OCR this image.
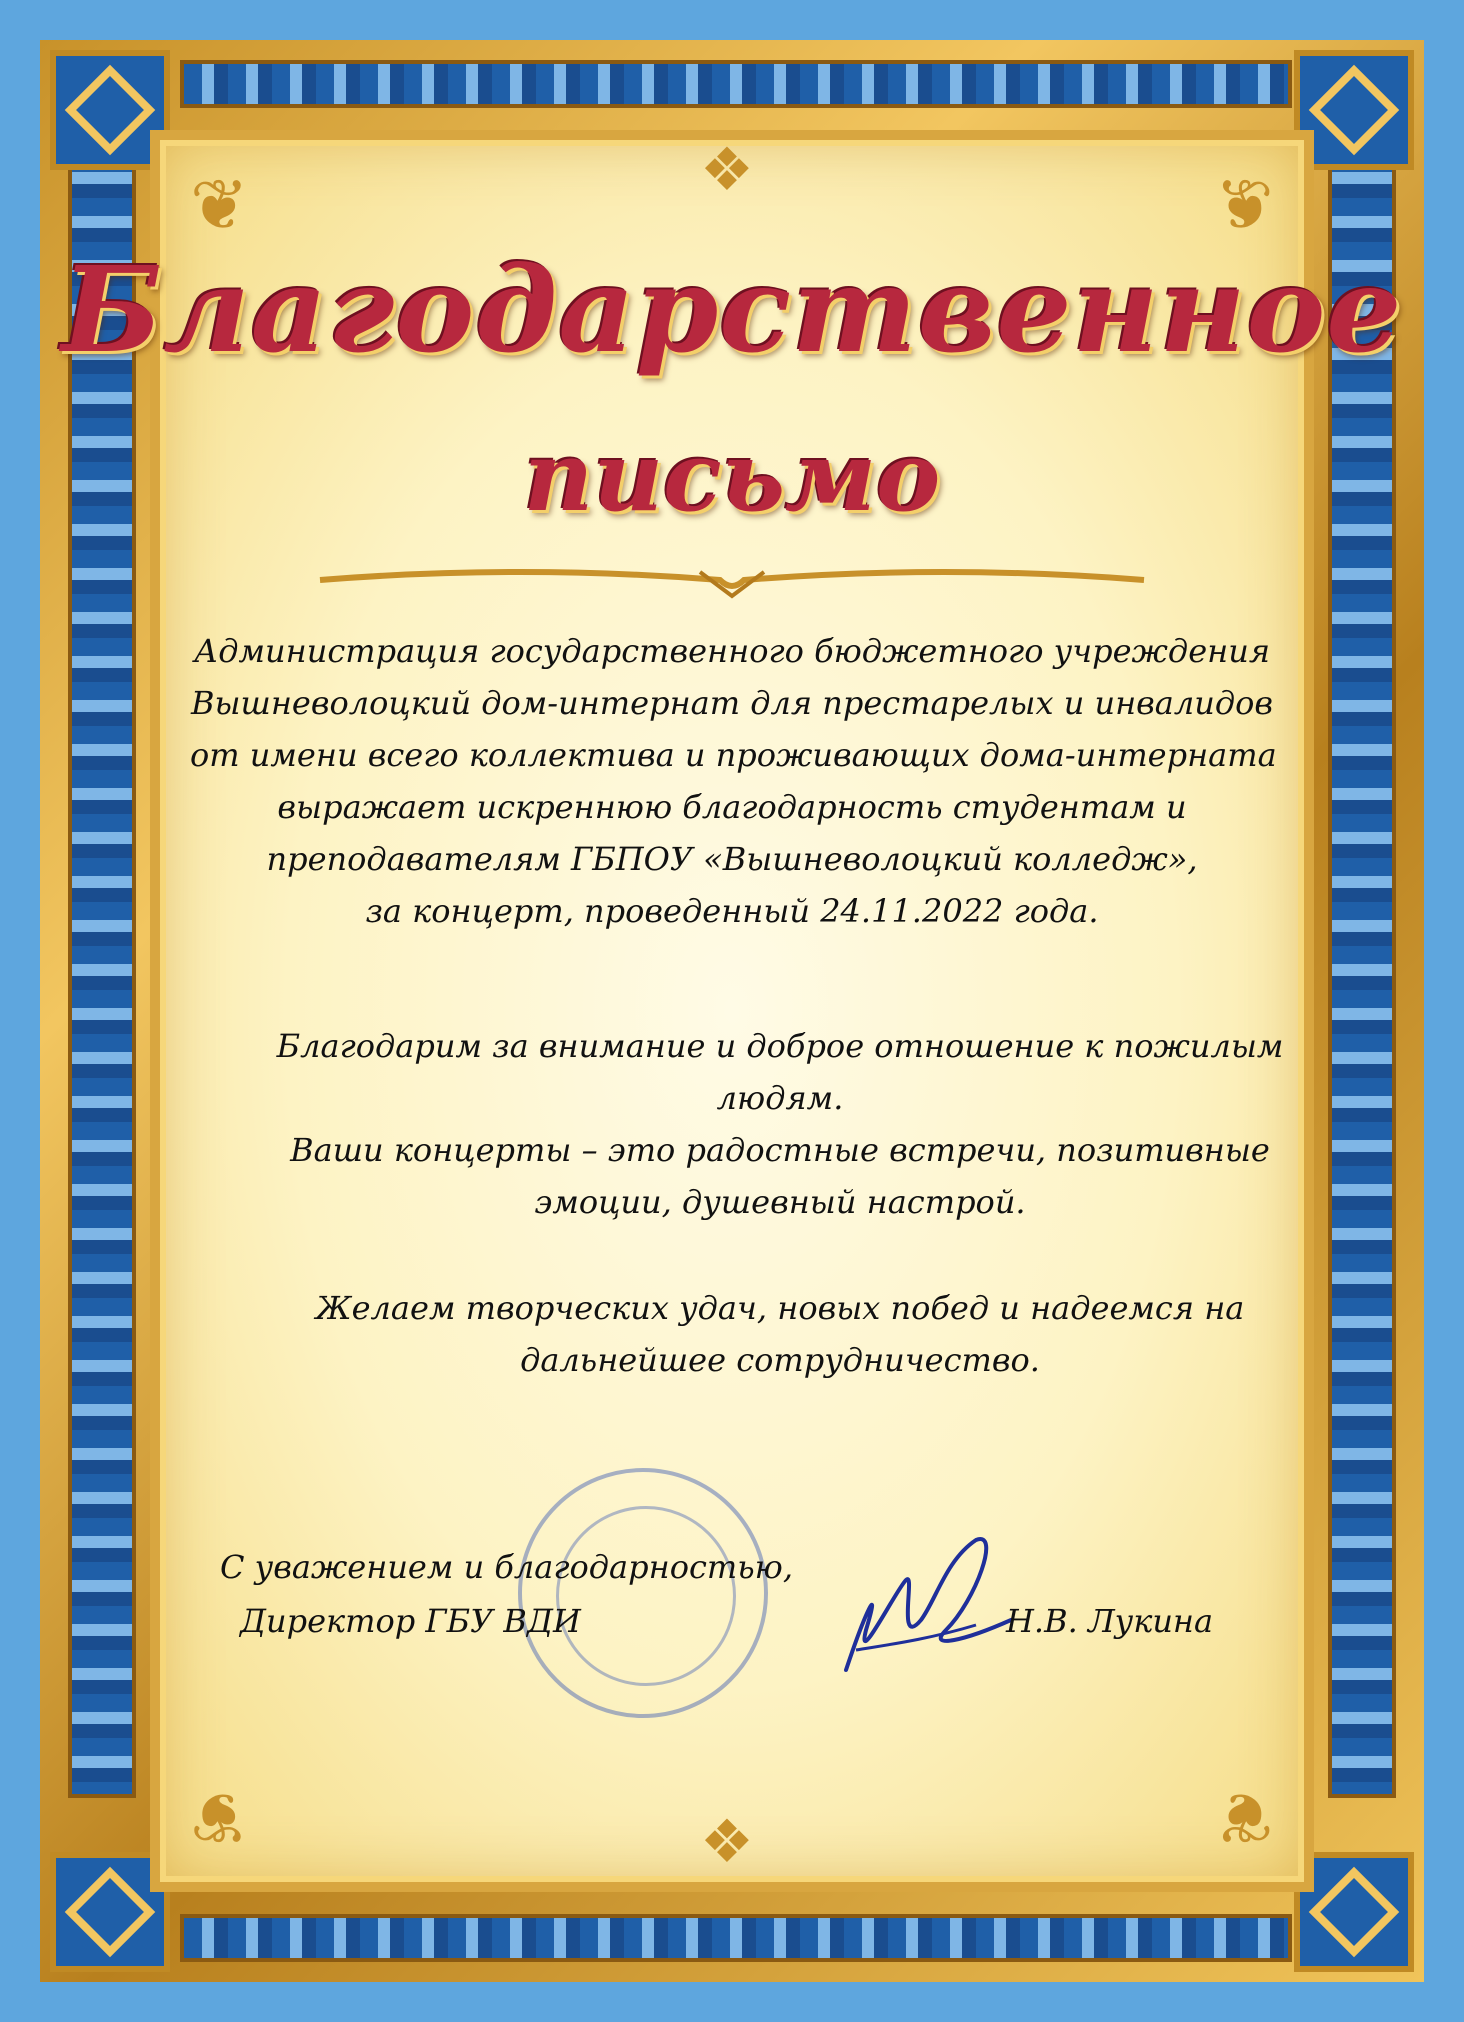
❦	❦
❦	❦
❖
❖
Благодарственное
письмо
Администрация государственного бюджетного учреждения
Вышневолоцкий дом-интернат для престарелых и инвалидов
от имени всего коллектива и проживающих дома-интерната
выражает искреннюю благодарность студентам и
преподавателям ГБПОУ «Вышневолоцкий колледж»,
за концерт, проведенный 24.11.2022 года.
Благодарим за внимание и доброе отношение к пожилым
людям.
Ваши концерты – это радостные встречи, позитивные
эмоции, душевный настрой.
Желаем творческих удач, новых побед и надеемся на
дальнейшее сотрудничество.
С уважением и благодарностью,
Директор ГБУ ВДИ	Н.В. Лукина
